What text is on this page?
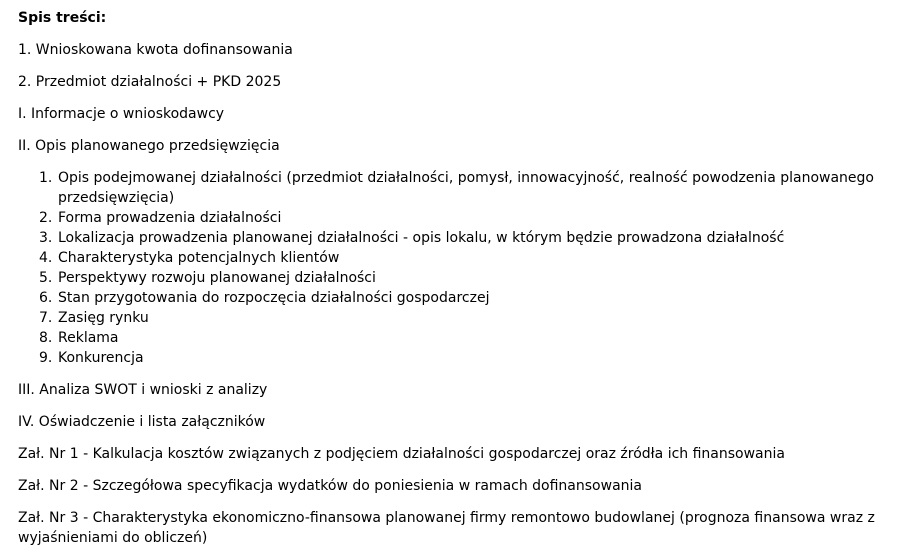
Spis treści:

1. Wnioskowana kwota dofinansowania

2. Przedmiot działalności + PKD 2025

I. Informacje o wnioskodawcy

II. Opis planowanego przedsięwzięcia

1. Opis podejmowanej działalności (przedmiot działalności, pomysł, innowacyjność, realność powodzenia planowanego przedsięwzięcia)
2. Forma prowadzenia działalności
3. Lokalizacja prowadzenia planowanej działalności - opis lokalu, w którym będzie prowadzona działalność
4. Charakterystyka potencjalnych klientów
5. Perspektywy rozwoju planowanej działalności
6. Stan przygotowania do rozpoczęcia działalności gospodarczej
7. Zasięg rynku
8. Reklama
9. Konkurencja

III. Analiza SWOT i wnioski z analizy

IV. Oświadczenie i lista załączników

Zał. Nr 1 - Kalkulacja kosztów związanych z podjęciem działalności gospodarczej oraz źródła ich finansowania

Zał. Nr 2 - Szczegółowa specyfikacja wydatków do poniesienia w ramach dofinansowania

Zał. Nr 3 - Charakterystyka ekonomiczno-finansowa planowanej firmy remontowo budowlanej (prognoza finansowa wraz z wyjaśnieniami do obliczeń)
